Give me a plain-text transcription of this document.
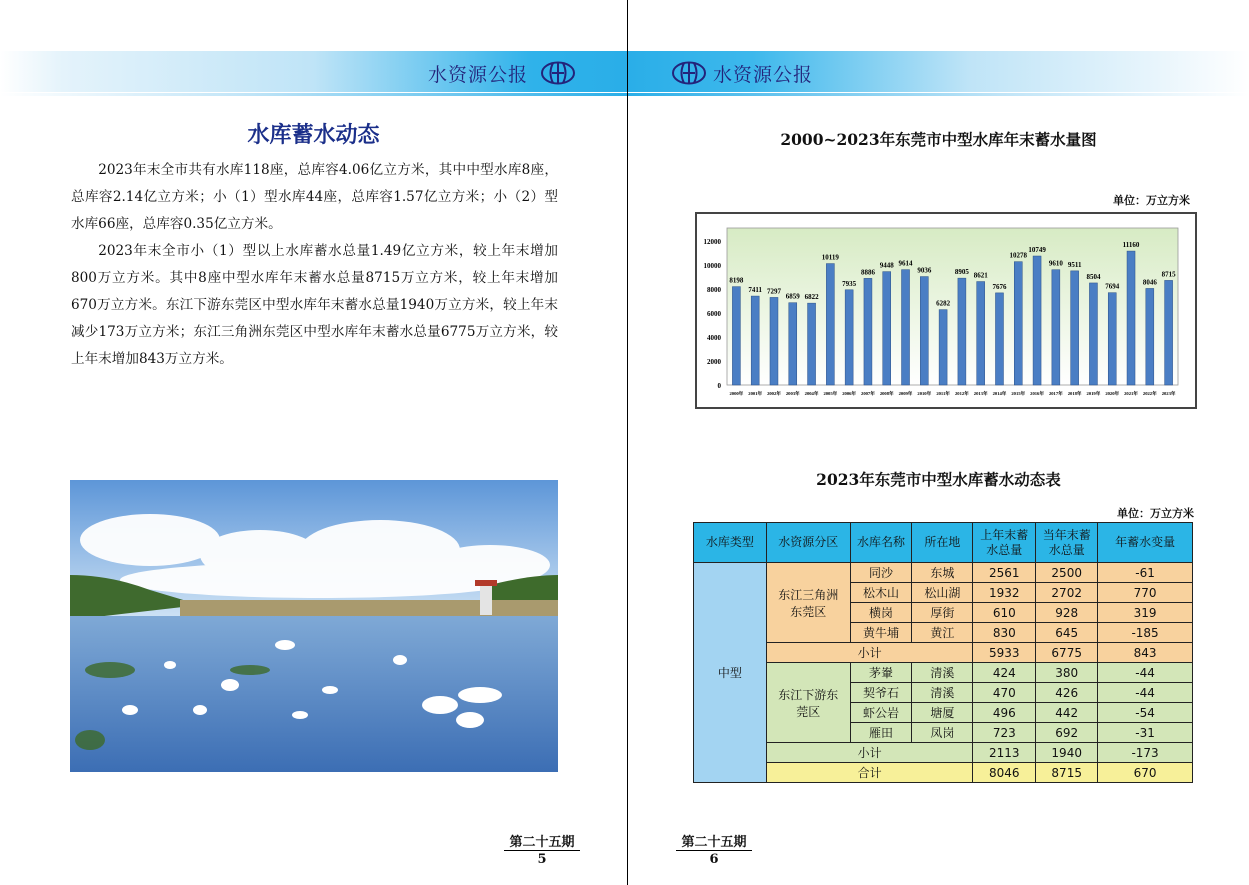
水资源公报	水资源公报
水库蓄水动态

2023年末全市共有水库118座，总库容4.06亿立方米，其中中型水库8座，总库容2.14亿立方米；小（1）型水库44座，总库容1.57亿立方米；小（2）型水库66座，总库容0.35亿立方米。

2023年末全市小（1）型以上水库蓄水总量1.49亿立方米，较上年末增加800万立方米。其中8座中型水库年末蓄水总量8715万立方米，较上年末增加670万立方米。东江下游东莞区中型水库年末蓄水总量1940万立方米，较上年末减少173万立方米；东江三角洲东莞区中型水库年末蓄水总量6775万立方米，较上年末增加843万立方米。

第二十五期
5
2000~2023年东莞市中型水库年末蓄水量图
单位：万立方米
0
2000
4000
6000
8000
10000
12000
8198
2000年
7411
2001年
7297
2002年
6859
2003年
6822
2004年
10119
2005年
7935
2006年
8886
2007年
9448
2008年
9614
2009年
9036
2010年
6282
2011年
8905
2012年
8621
2013年
7676
2014年
10278
2015年
10749
2016年
9610
2017年
9511
2018年
8504
2019年
7694
2020年
11160
2021年
8046
2022年
8715
2023年
2023年东莞市中型水库蓄水动态表
单位：万立方米
水库类型	水资源分区	水库名称	所在地	上年末蓄水总量	当年末蓄水总量	年蓄水变量
中型	东江三角洲东莞区	同沙	东城	2561	2500	-61
		松木山	松山湖	1932	2702	770
		横岗	厚街	610	928	319
		黄牛埔	黄江	830	645	-185
	小计			5933	6775	843
	东江下游东莞区	茅輋	清溪	424	380	-44
		契爷石	清溪	470	426	-44
		虾公岩	塘厦	496	442	-54
		雁田	凤岗	723	692	-31
	小计			2113	1940	-173
	合计			8046	8715	670
第二十五期
6
